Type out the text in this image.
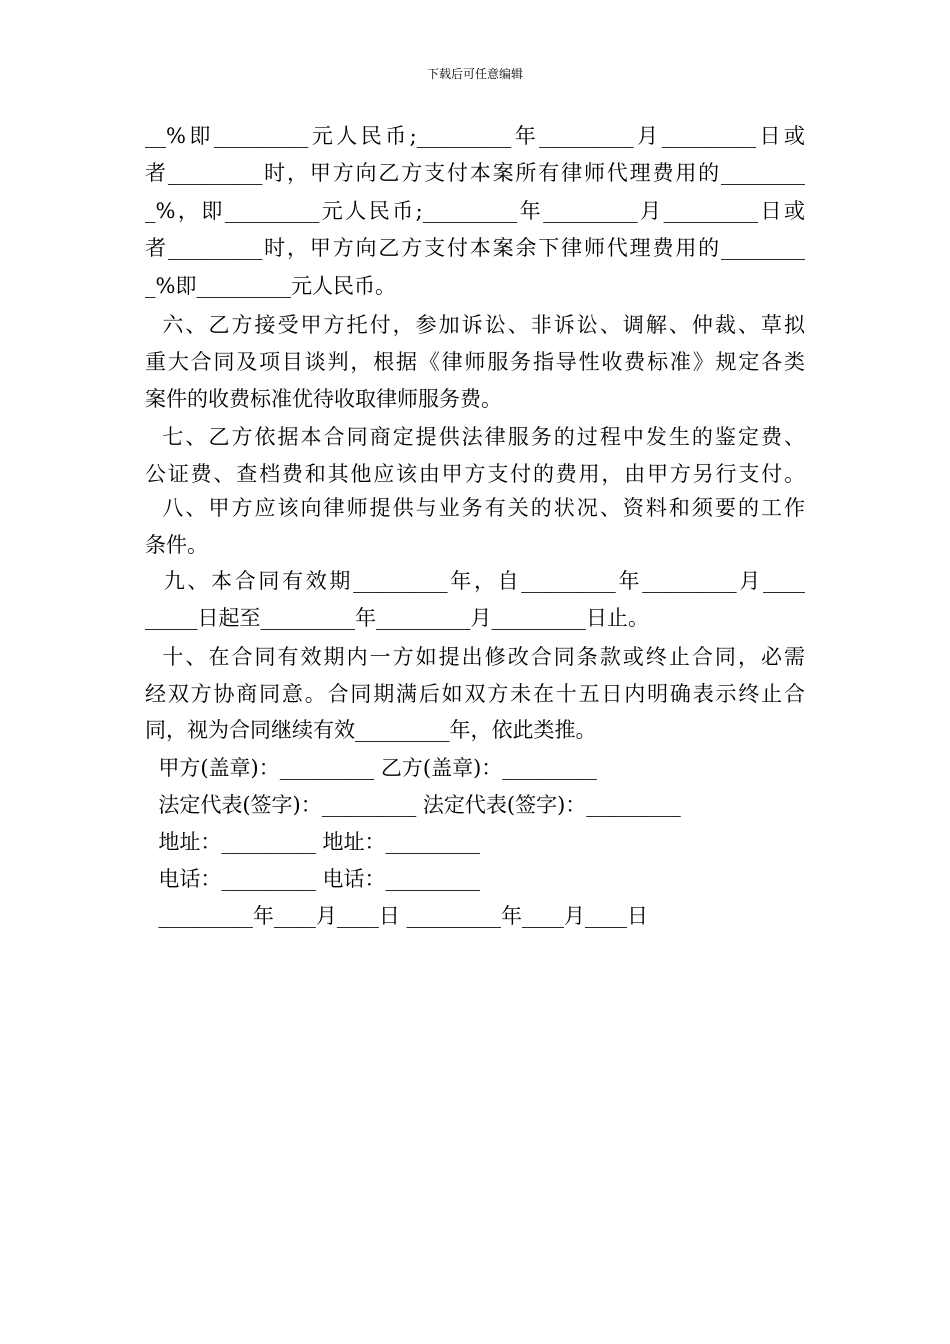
下载后可任意编辑
__%即_________元人民币;_________年_________月_________日或
者_________时，甲方向乙方支付本案所有律师代理费用的________
_%，即_________元人民币;_________年_________月_________日或
者_________时，甲方向乙方支付本案余下律师代理费用的________
_%即_________元人民币。
六、乙方接受甲方托付，参加诉讼、非诉讼、调解、仲裁、草拟
重大合同及项目谈判，根据《律师服务指导性收费标准》规定各类
案件的收费标准优待收取律师服务费。
七、乙方依据本合同商定提供法律服务的过程中发生的鉴定费、
公证费、查档费和其他应该由甲方支付的费用，由甲方另行支付。
八、甲方应该向律师提供与业务有关的状况、资料和须要的工作
条件。
九、本合同有效期_________年，自_________年_________月____
_____日起至_________年_________月_________日止。
十、在合同有效期内一方如提出修改合同条款或终止合同，必需
经双方协商同意。合同期满后如双方未在十五日内明确表示终止合
同，视为合同继续有效_________年，依此类推。
甲方(盖章)：_________ 乙方(盖章)：_________
法定代表(签字)：_________ 法定代表(签字)：_________
地址：_________ 地址：_________
电话：_________ 电话：_________
_________年____月____日 _________年____月____日
